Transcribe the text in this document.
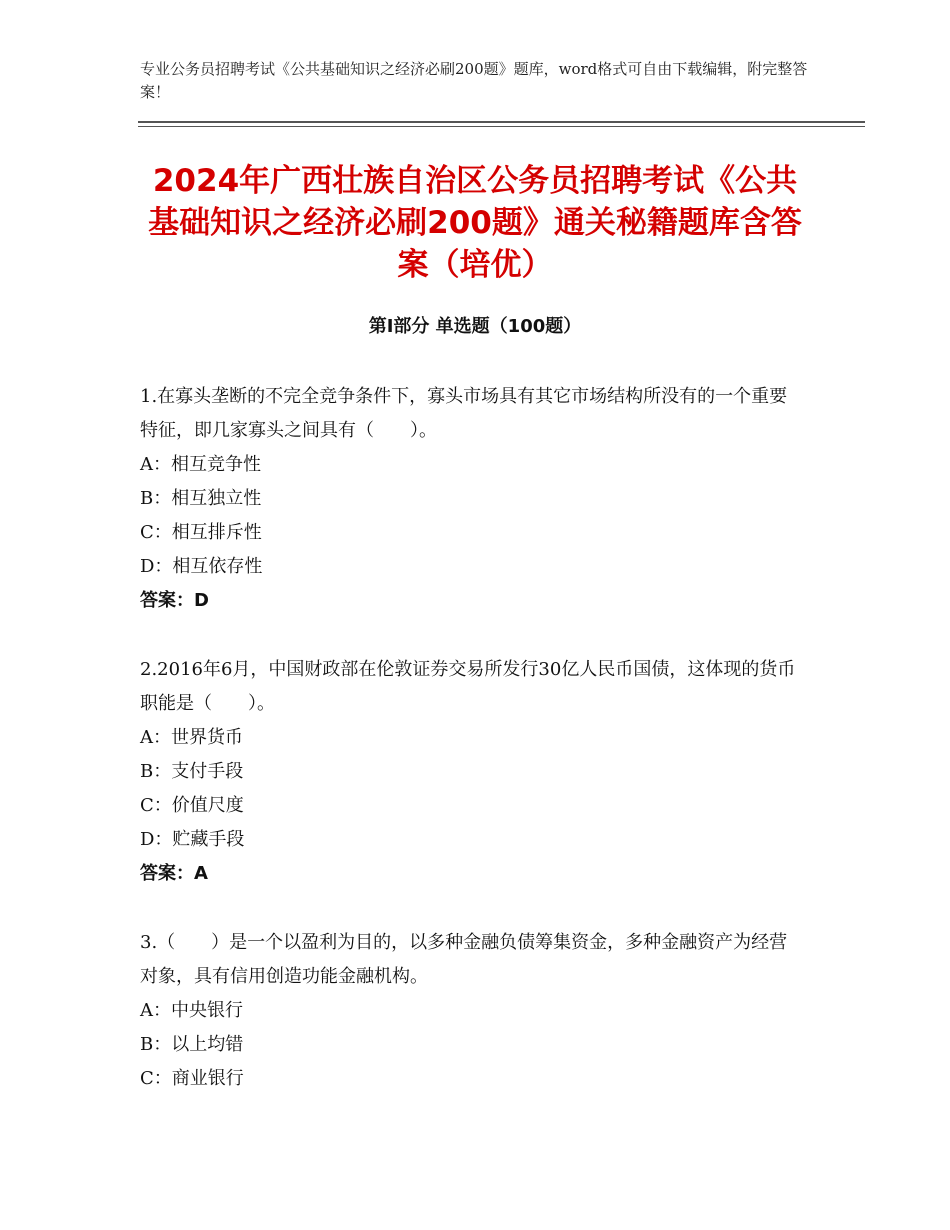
专业公务员招聘考试《公共基础知识之经济必刷200题》题库，word格式可自由下载编辑，附完整答案！
2024年广西壮族自治区公务员招聘考试《公共基础知识之经济必刷200题》通关秘籍题库含答案（培优）
第Ⅰ部分 单选题（100题）

1.在寡头垄断的不完全竞争条件下，寡头市场具有其它市场结构所没有的一个重要特征，即几家寡头之间具有（　　）。

A：相互竞争性

B：相互独立性

C：相互排斥性

D：相互依存性

答案：D

2.2016年6月，中国财政部在伦敦证券交易所发行30亿人民币国债，这体现的货币职能是（　　）。

A：世界货币

B：支付手段

C：价值尺度

D：贮藏手段

答案：A

3.（　　）是一个以盈利为目的，以多种金融负债筹集资金，多种金融资产为经营对象，具有信用创造功能金融机构。

A：中央银行

B：以上均错

C：商业银行
